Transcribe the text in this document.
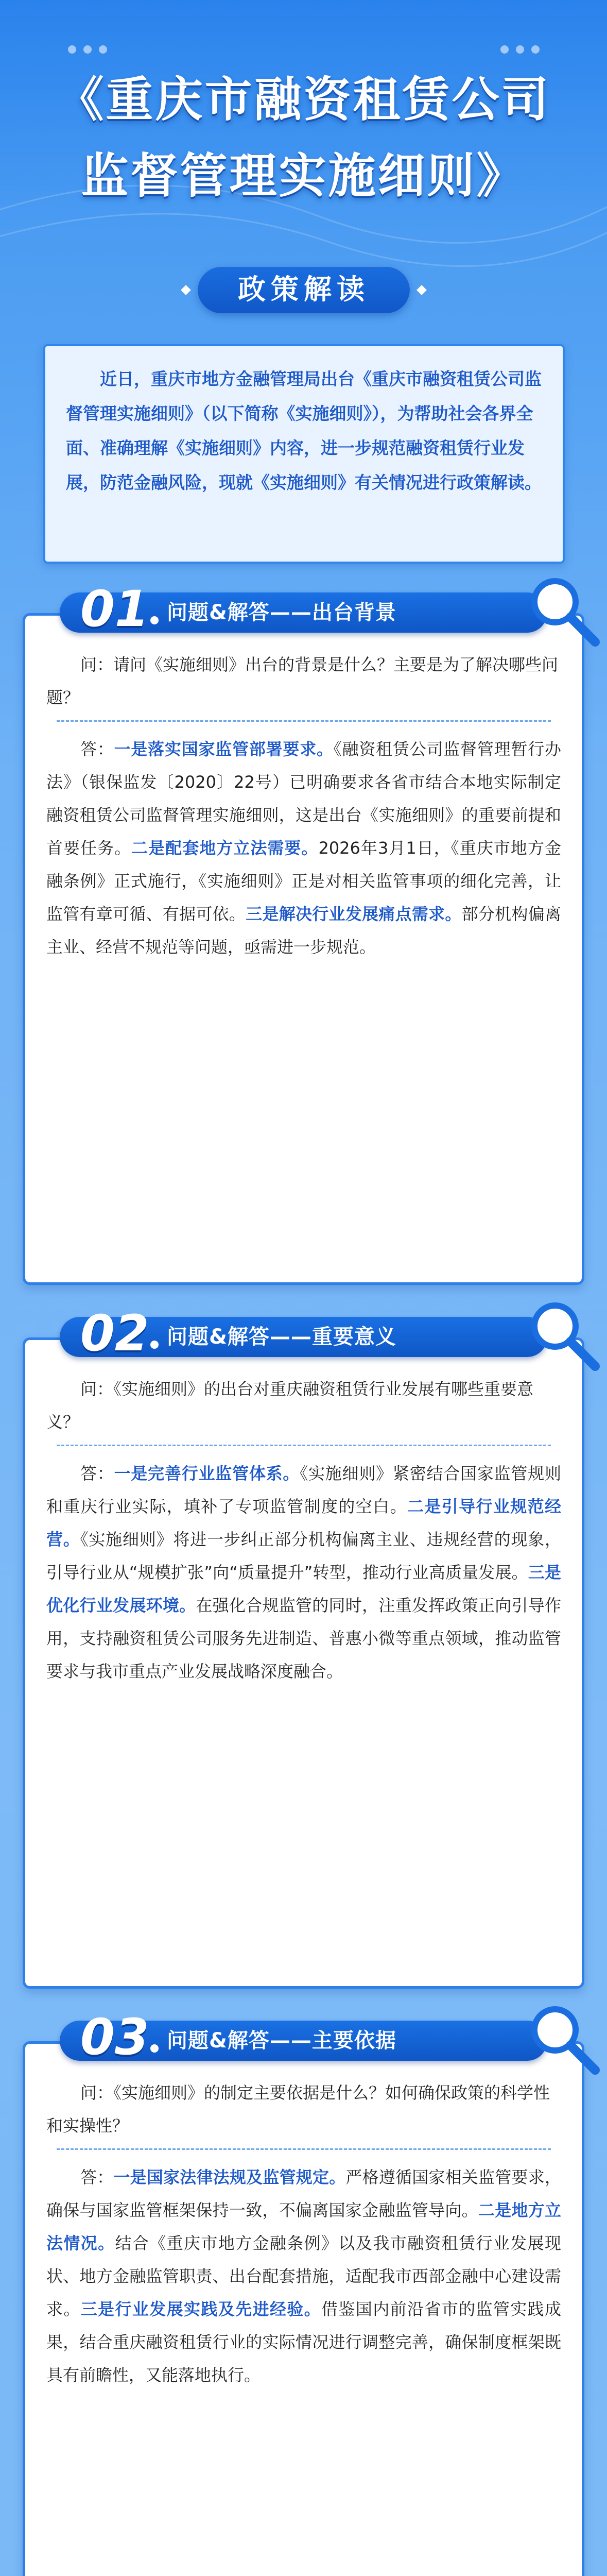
《重庆市融资租赁公司
监督管理实施细则》
政策解读

近日，重庆市地方金融管理局出台《重庆市融资租赁公司监督管理实施细则》（以下简称《实施细则》），为帮助社会各界全面、准确理解《实施细则》内容，进一步规范融资租赁行业发展，防范金融风险，现就《实施细则》有关情况进行政策解读。

01 问题&解答——出台背景
问：请问《实施细则》出台的背景是什么？主要是为了解决哪些问题？
答：一是落实国家监管部署要求。《融资租赁公司监督管理暂行办法》（银保监发〔2020〕22号）已明确要求各省市结合本地实际制定融资租赁公司监督管理实施细则，这是出台《实施细则》的重要前提和首要任务。二是配套地方立法需要。2026年3月1日，《重庆市地方金融条例》正式施行，《实施细则》正是对相关监管事项的细化完善，让监管有章可循、有据可依。三是解决行业发展痛点需求。部分机构偏离主业、经营不规范等问题，亟需进一步规范。
02 问题&解答——重要意义
问：《实施细则》的出台对重庆融资租赁行业发展有哪些重要意义？
答：一是完善行业监管体系。《实施细则》紧密结合国家监管规则和重庆行业实际，填补了专项监管制度的空白。二是引导行业规范经营。《实施细则》将进一步纠正部分机构偏离主业、违规经营的现象，引导行业从“规模扩张”向“质量提升”转型，推动行业高质量发展。三是优化行业发展环境。在强化合规监管的同时，注重发挥政策正向引导作用，支持融资租赁公司服务先进制造、普惠小微等重点领域，推动监管要求与我市重点产业发展战略深度融合。
03 问题&解答——主要依据
问：《实施细则》的制定主要依据是什么？如何确保政策的科学性和实操性？
答：一是国家法律法规及监管规定。严格遵循国家相关监管要求，确保与国家监管框架保持一致，不偏离国家金融监管导向。二是地方立法情况。结合《重庆市地方金融条例》以及我市融资租赁行业发展现状、地方金融监管职责、出台配套措施，适配我市西部金融中心建设需求。三是行业发展实践及先进经验。借鉴国内前沿省市的监管实践成果，结合重庆融资租赁行业的实际情况进行调整完善，确保制度框架既具有前瞻性，又能落地执行。
